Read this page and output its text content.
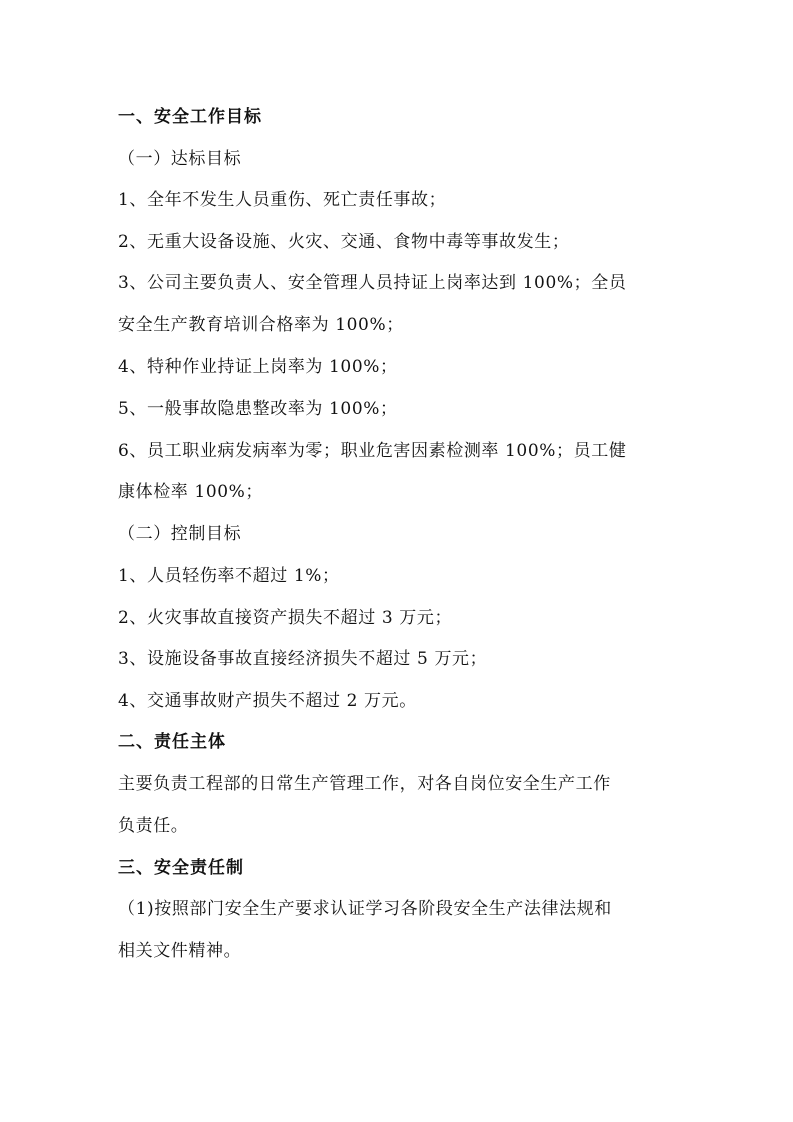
一、安全工作目标
（一）达标目标
1、全年不发生人员重伤、死亡责任事故；
2、无重大设备设施、火灾、交通、食物中毒等事故发生；
3、公司主要负责人、安全管理人员持证上岗率达到 100%；全员
安全生产教育培训合格率为 100%；
4、特种作业持证上岗率为 100%；
5、一般事故隐患整改率为 100%；
6、员工职业病发病率为零；职业危害因素检测率 100%；员工健
康体检率 100%；
（二）控制目标
1、人员轻伤率不超过 1%；
2、火灾事故直接资产损失不超过 3 万元；
3、设施设备事故直接经济损失不超过 5 万元；
4、交通事故财产损失不超过 2 万元。
二、责任主体
主要负责工程部的日常生产管理工作，对各自岗位安全生产工作
负责任。
三、安全责任制
（1)按照部门安全生产要求认证学习各阶段安全生产法律法规和
相关文件精神。
